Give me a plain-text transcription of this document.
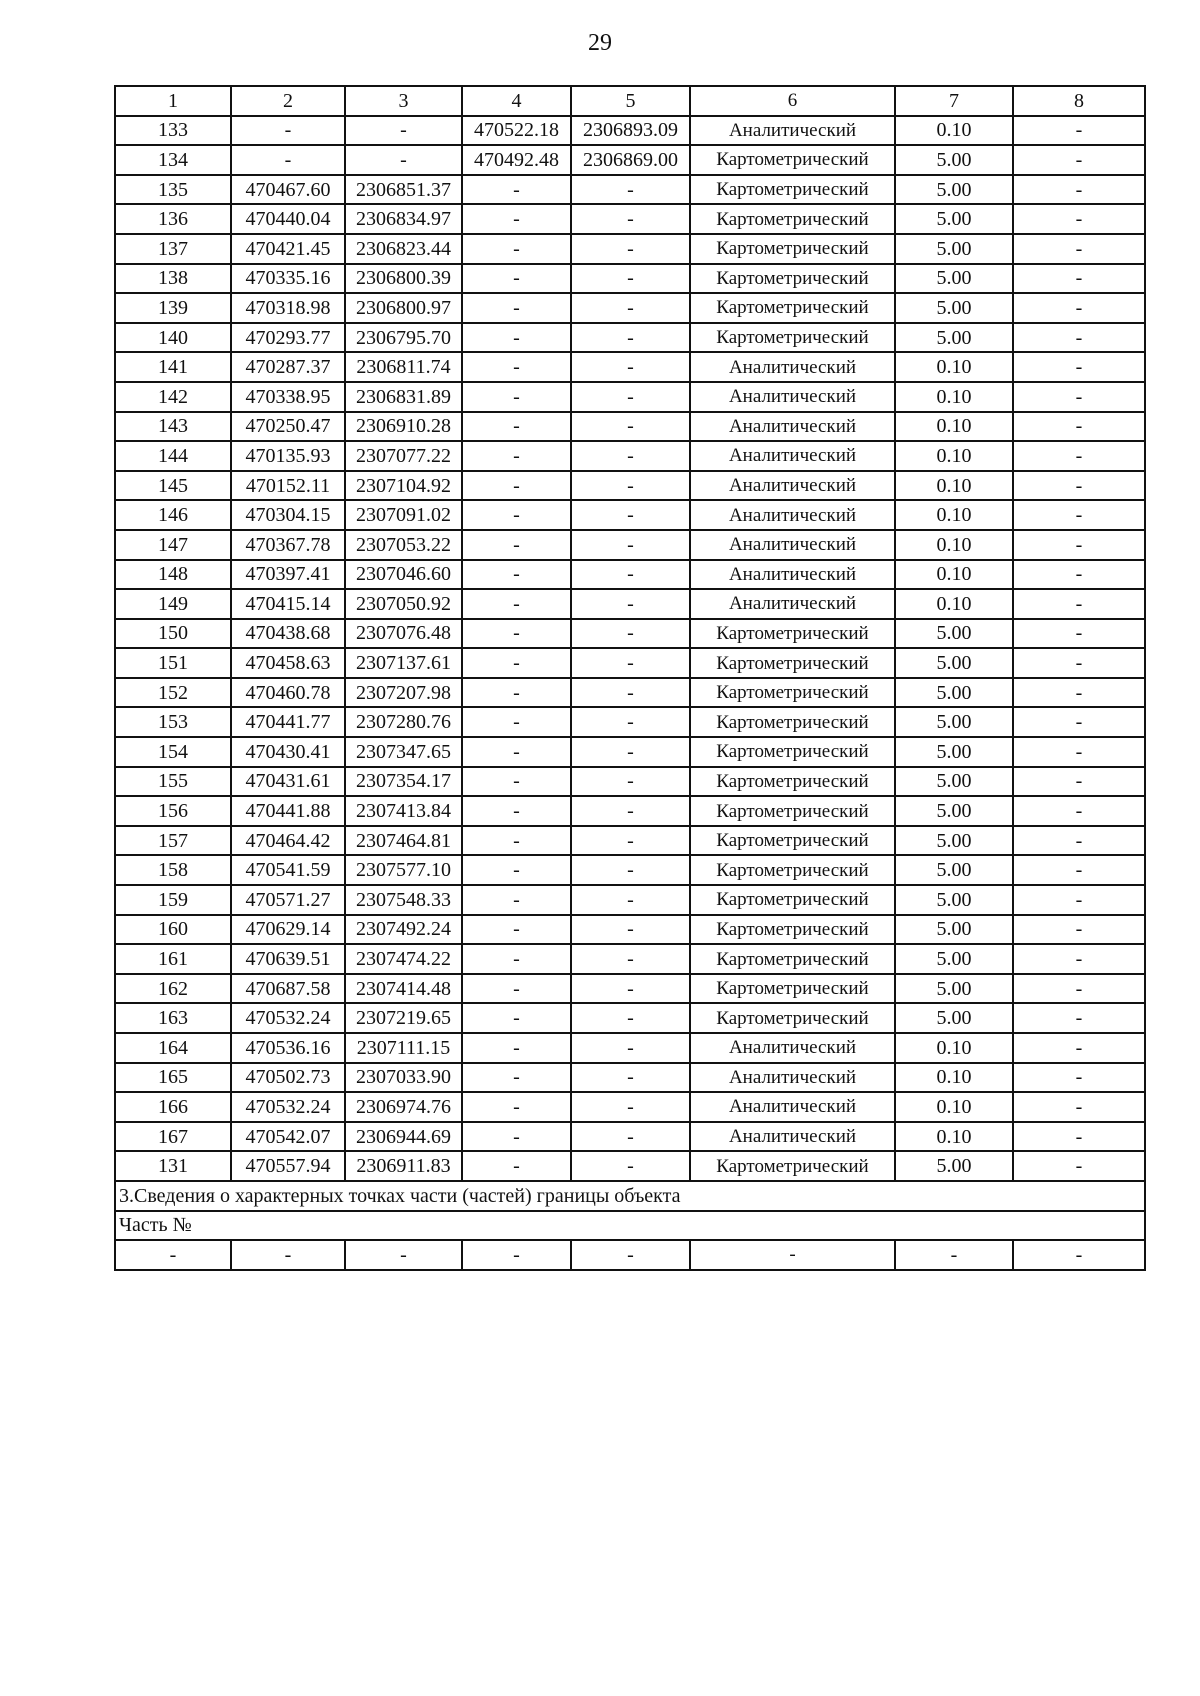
29
1	2	3	4	5	6	7	8
133	-	-	470522.18	2306893.09	Аналитический	0.10	-
134	-	-	470492.48	2306869.00	Картометрический	5.00	-
135	470467.60	2306851.37	-	-	Картометрический	5.00	-
136	470440.04	2306834.97	-	-	Картометрический	5.00	-
137	470421.45	2306823.44	-	-	Картометрический	5.00	-
138	470335.16	2306800.39	-	-	Картометрический	5.00	-
139	470318.98	2306800.97	-	-	Картометрический	5.00	-
140	470293.77	2306795.70	-	-	Картометрический	5.00	-
141	470287.37	2306811.74	-	-	Аналитический	0.10	-
142	470338.95	2306831.89	-	-	Аналитический	0.10	-
143	470250.47	2306910.28	-	-	Аналитический	0.10	-
144	470135.93	2307077.22	-	-	Аналитический	0.10	-
145	470152.11	2307104.92	-	-	Аналитический	0.10	-
146	470304.15	2307091.02	-	-	Аналитический	0.10	-
147	470367.78	2307053.22	-	-	Аналитический	0.10	-
148	470397.41	2307046.60	-	-	Аналитический	0.10	-
149	470415.14	2307050.92	-	-	Аналитический	0.10	-
150	470438.68	2307076.48	-	-	Картометрический	5.00	-
151	470458.63	2307137.61	-	-	Картометрический	5.00	-
152	470460.78	2307207.98	-	-	Картометрический	5.00	-
153	470441.77	2307280.76	-	-	Картометрический	5.00	-
154	470430.41	2307347.65	-	-	Картометрический	5.00	-
155	470431.61	2307354.17	-	-	Картометрический	5.00	-
156	470441.88	2307413.84	-	-	Картометрический	5.00	-
157	470464.42	2307464.81	-	-	Картометрический	5.00	-
158	470541.59	2307577.10	-	-	Картометрический	5.00	-
159	470571.27	2307548.33	-	-	Картометрический	5.00	-
160	470629.14	2307492.24	-	-	Картометрический	5.00	-
161	470639.51	2307474.22	-	-	Картометрический	5.00	-
162	470687.58	2307414.48	-	-	Картометрический	5.00	-
163	470532.24	2307219.65	-	-	Картометрический	5.00	-
164	470536.16	2307111.15	-	-	Аналитический	0.10	-
165	470502.73	2307033.90	-	-	Аналитический	0.10	-
166	470532.24	2306974.76	-	-	Аналитический	0.10	-
167	470542.07	2306944.69	-	-	Аналитический	0.10	-
131	470557.94	2306911.83	-	-	Картометрический	5.00	-
3.Сведения о характерных точках части (частей) границы объекта							
Часть №							
-	-	-	-	-	-	-	-
